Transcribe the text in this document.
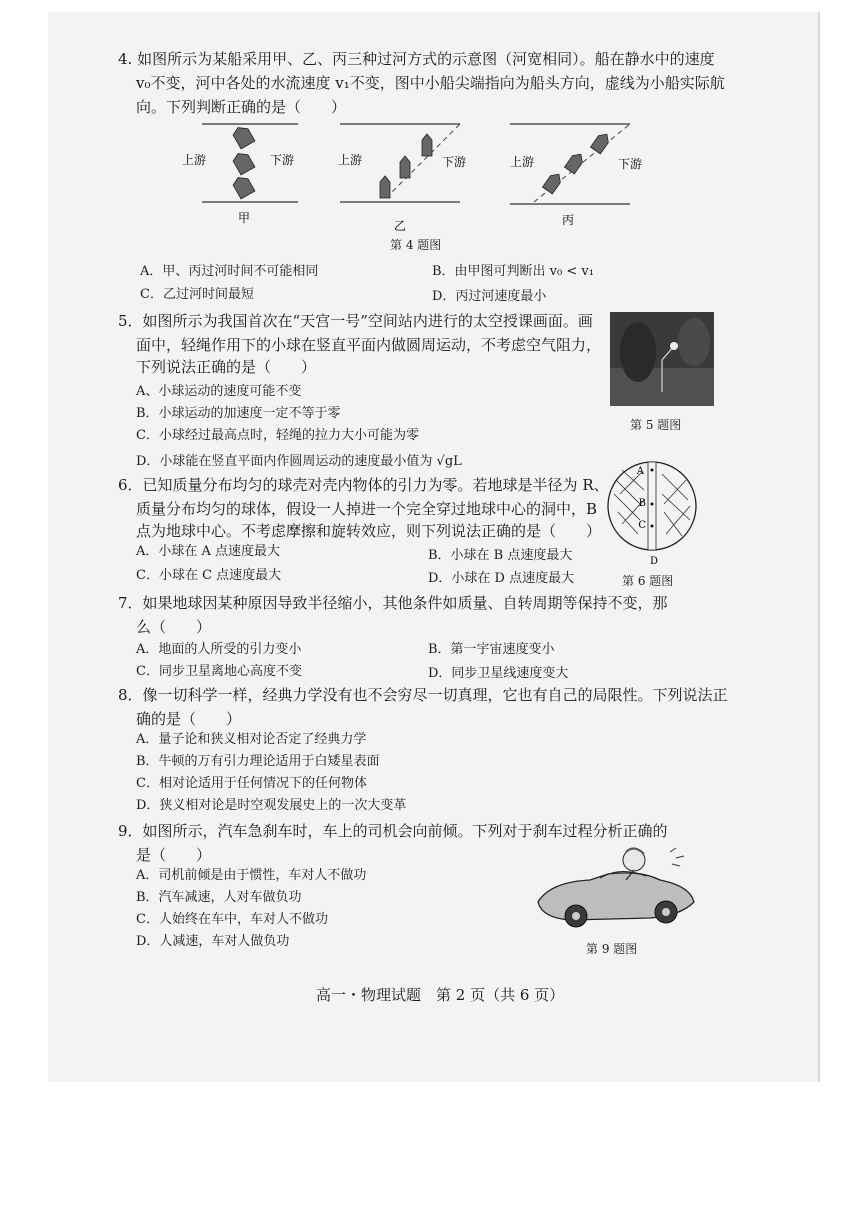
4. 如图所示为某船采用甲、乙、丙三种过河方式的示意图（河宽相同）。船在静水中的速度
v₀不变，河中各处的水流速度 v₁不变，图中小船尖端指向为船头方向，虚线为小船实际航
向。下列判断正确的是（　　）
上游	下游
甲
上游	下游
乙
上游	下游
丙
第 4 题图
A．甲、丙过河时间不可能相同	B．由甲图可判断出 v₀ < v₁
C．乙过河时间最短	D．丙过河速度最小
5．如图所示为我国首次在“天宫一号”空间站内进行的太空授课画面。画
面中，轻绳作用下的小球在竖直平面内做圆周运动，不考虑空气阻力，
下列说法正确的是（　　）
A、小球运动的速度可能不变
B．小球运动的加速度一定不等于零
C．小球经过最高点时，轻绳的拉力大小可能为零
D．小球能在竖直平面内作圆周运动的速度最小值为 √gL
第 5 题图
6．已知质量分布均匀的球壳对壳内物体的引力为零。若地球是半径为 R、
质量分布均匀的球体，假设一人掉进一个完全穿过地球中心的洞中，B
点为地球中心。不考虑摩擦和旋转效应，则下列说法正确的是（　　）
A．小球在 A 点速度最大	B．小球在 B 点速度最大
C．小球在 C 点速度最大	D．小球在 D 点速度最大
A
B
C
D
第 6 题图
7．如果地球因某种原因导致半径缩小，其他条件如质量、自转周期等保持不变，那
么（　　）
A．地面的人所受的引力变小	B．第一宇宙速度变小
C．同步卫星离地心高度不变	D．同步卫星线速度变大
8．像一切科学一样，经典力学没有也不会穷尽一切真理，它也有自己的局限性。下列说法正
确的是（　　）
A．量子论和狭义相对论否定了经典力学
B．牛顿的万有引力理论适用于白矮星表面
C．相对论适用于任何情况下的任何物体
D．狭义相对论是时空观发展史上的一次大变革
9．如图所示，汽车急刹车时，车上的司机会向前倾。下列对于刹车过程分析正确的
是（　　）
A．司机前倾是由于惯性，车对人不做功
B．汽车减速，人对车做负功
C．人始终在车中，车对人不做功
D．人减速，车对人做负功	第 9 题图
高一・物理试题　第 2 页（共 6 页）
